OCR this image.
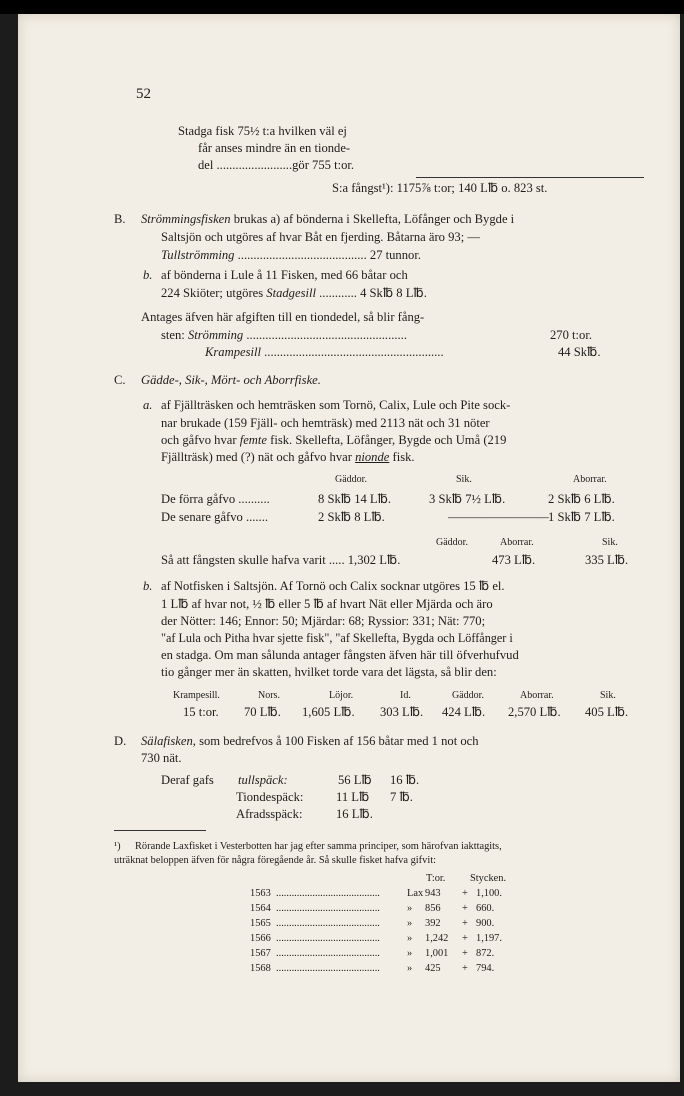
52
Stadga fisk 75½ t:a hvilken väl ej
får anses mindre än en tionde-
del ........................gör 755 t:or.
S:a fångst¹): 1175⅞ t:or; 140 L℔ o. 823 st.
B. Strömmingsfisken brukas a) af bönderna i Skellefta, Löfånger och Bygde i
Saltsjön och utgöres af hvar Båt en fjerding. Båtarna äro 93; —
Tullströmming ......................................... 27 tunnor.
b. af bönderna i Lule å 11 Fisken, med 66 båtar och
224 Skiöter; utgöres Stadgesill ............ 4 Sk℔ 8 L℔.
Antages äfven här afgiften till en tiondedel, så blir fång-
sten: Strömming ...................................................	270 t:or.
Krampesill .........................................................	44 Sk℔.
C. Gädde-, Sik-, Mört- och Aborrfiske.
a. af Fjällträsken och hemträsken som Tornö, Calix, Lule och Pite sock-
nar brukade (159 Fjäll- och hemträsk) med 2113 nät och 31 nöter
och gåfvo hvar femte fisk. Skellefta, Löfånger, Bygde och Umå (219
Fjällträsk) med (?) nät och gåfvo hvar nionde fisk.
Gäddor.	Sik.	Aborrar.
De förra gåfvo ..........	8 Sk℔ 14 L℔.	3 Sk℔ 7½ L℔.	2 Sk℔ 6 L℔.
De senare gåfvo .......	2 Sk℔ 8 L℔.	———————— 1 Sk℔ 7 L℔.
Gäddor.	Aborrar.	Sik.
Så att fångsten skulle hafva varit ..... 1,302 L℔.	473 L℔.	335 L℔.
b. af Notfisken i Saltsjön. Af Tornö och Calix socknar utgöres 15 ℔ el.
1 L℔ af hvar not, ½ ℔ eller 5 ℔ af hvart Nät eller Mjärda och äro
der Nötter: 146; Ennor: 50; Mjärdar: 68; Ryssior: 331; Nät: 770;
"af Lula och Pitha hvar sjette fisk", "af Skellefta, Bygda och Löffånger i
en stadga. Om man sålunda antager fångsten äfven här till öfverhufvud
tio gånger mer än skatten, hvilket torde vara det lägsta, så blir den:
Krampesill.	Nors.	Löjor.	Id.	Gäddor.	Aborrar.	Sik.
15 t:or. 70 L℔. 1,605 L℔. 303 L℔. 424 L℔. 2,570 L℔. 405 L℔.
D. Sälafisken, som bedrefvos å 100 Fisken af 156 båtar med 1 not och
730 nät.
Deraf gafs tullspäck:	56 L℔ 16 ℔.
Tiondespäck:	11 L℔ 7 ℔.
Afradsspäck:	16 L℔.
¹) Rörande Laxfisket i Vesterbotten har jag efter samma principer, som härofvan iakttagits,
uträknat beloppen äfven för några föregående år. Så skulle fisket hafva gifvit:
T:or. Stycken.
1563 ........................................	Lax 943 + 1,100.
1564 ........................................	» 856 + 660.
1565 ........................................	» 392 + 900.
1566 ........................................	» 1,242 + 1,197.
1567 ........................................	» 1,001 + 872.
1568 ........................................	» 425 + 794.
